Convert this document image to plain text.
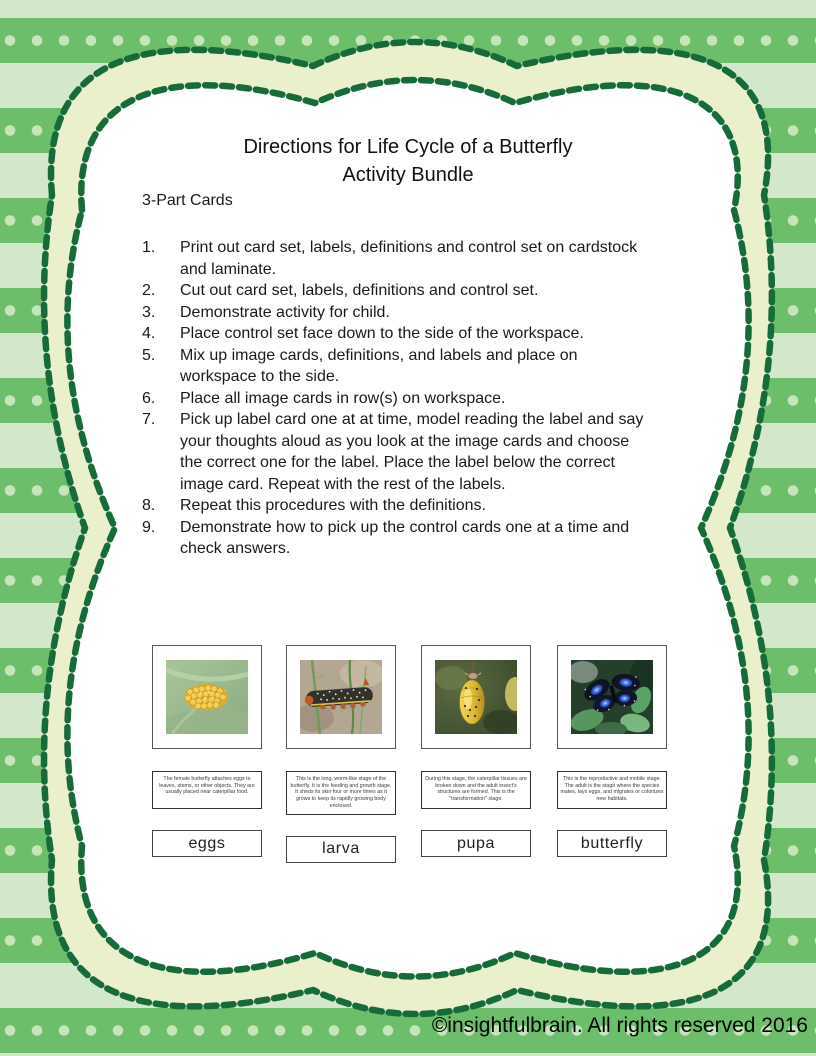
Directions for Life Cycle of a Butterfly
Activity Bundle
3-Part Cards
1.	Print out card set, labels, definitions and control set on cardstock and laminate.
2.	Cut out card set, labels, definitions and control set.
3.	Demonstrate activity for child.
4.	Place control set face down to the side of the workspace.
5.	Mix up image cards, definitions, and labels and place on workspace to the side.
6.	Place all image cards in row(s) on workspace.
7.	Pick up label card one at at time, model reading the label and say your thoughts aloud as you look at the image cards and choose the correct one for the label. Place the label below the correct image card. Repeat with the rest of the labels.
8.	Repeat this procedures with the definitions.
9.	Demonstrate how to pick up the control cards one at a time and check answers.
The female butterfly attaches eggs to leaves, stems, or other objects. They are usually placed near caterpillar food.
eggs
This is the long, worm-like stage of the butterfly. It is the feeding and growth stage. It sheds its skin four or more times as it grows to keep its rapidly growing body enclosed.
larva
During this stage, the caterpillar tissues are broken down and the adult insect's structures are formed. This is the "transformation" stage.
pupa
This is the reproductive and mobile stage. The adult is the stage where the species mates, lays eggs, and migrates or colonizes new habitats.
butterfly
©insightfulbrain. All rights reserved 2016
